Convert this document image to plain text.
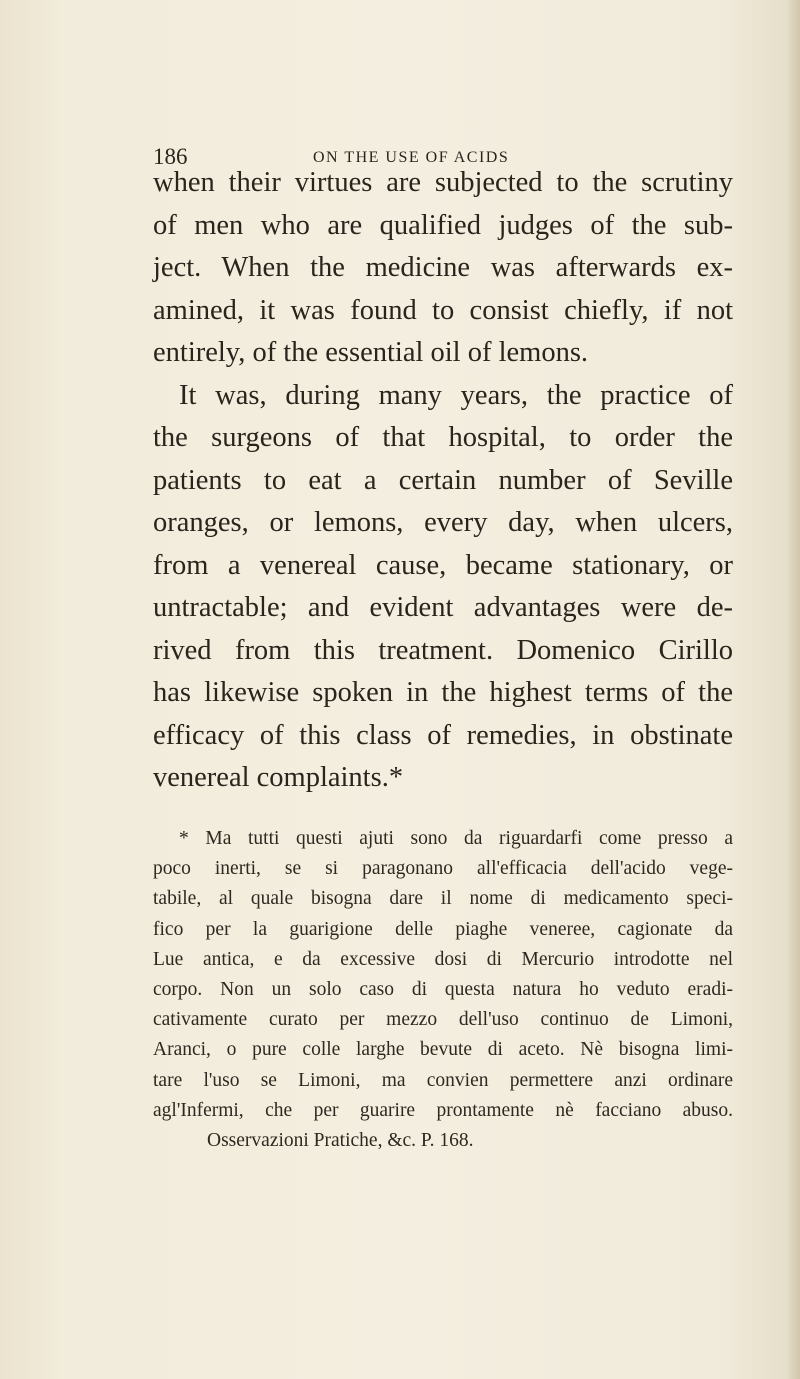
186	ON THE USE OF ACIDS
when their virtues are subjected to the scrutiny
of men who are qualified judges of the sub-
ject. When the medicine was afterwards ex-
amined, it was found to consist chiefly, if not
entirely, of the essential oil of lemons.
It was, during many years, the practice of
the surgeons of that hospital, to order the
patients to eat a certain number of Seville
oranges, or lemons, every day, when ulcers,
from a venereal cause, became stationary, or
untractable; and evident advantages were de-
rived from this treatment. Domenico Cirillo
has likewise spoken in the highest terms of the
efficacy of this class of remedies, in obstinate
venereal complaints.*
* Ma tutti questi ajuti sono da riguardarfi come presso a
poco inerti, se si paragonano all'efficacia dell'acido vege-
tabile, al quale bisogna dare il nome di medicamento speci-
fico per la guarigione delle piaghe veneree, cagionate da
Lue antica, e da excessive dosi di Mercurio introdotte nel
corpo. Non un solo caso di questa natura ho veduto eradi-
cativamente curato per mezzo dell'uso continuo de Limoni,
Aranci, o pure colle larghe bevute di aceto. Nè bisogna limi-
tare l'uso se Limoni, ma convien permettere anzi ordinare
agl'Infermi, che per guarire prontamente nè facciano abuso.
Osservazioni Pratiche, &c. P. 168.
